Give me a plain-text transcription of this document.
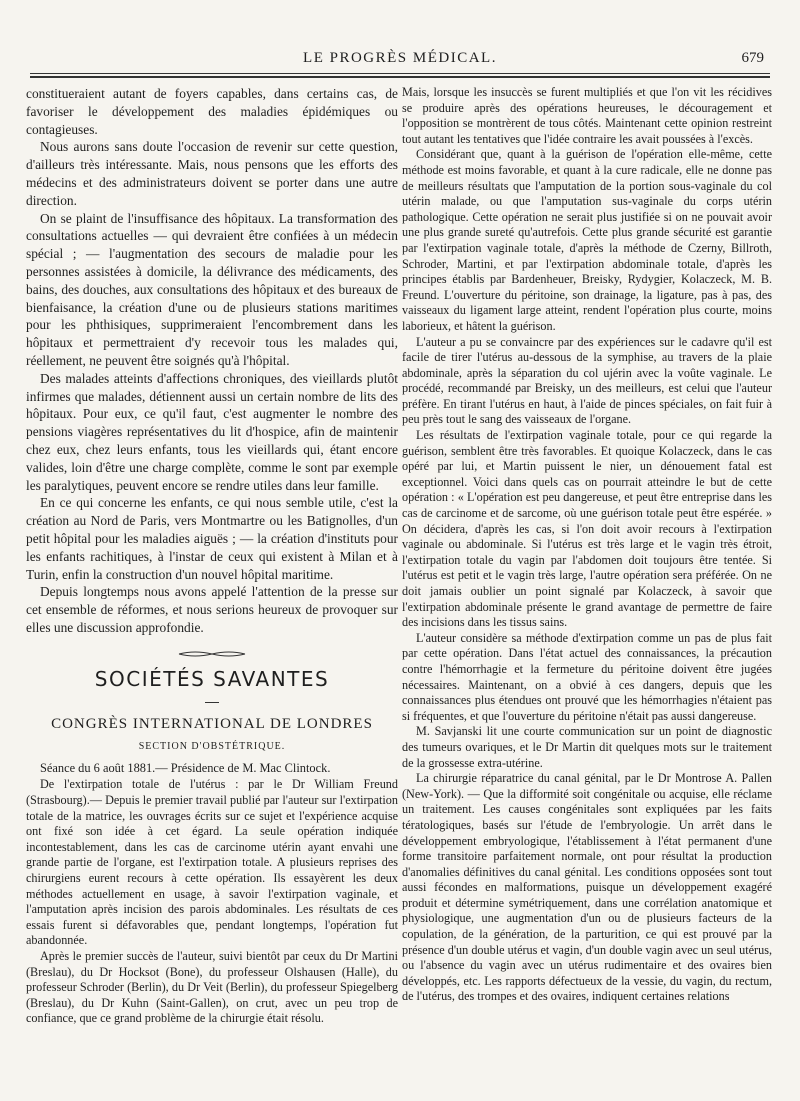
LE PROGRÈS MÉDICAL.	679

constitueraient autant de foyers capables, dans certains cas, de favoriser le développement des maladies épidémiques ou contagieuses.

Nous aurons sans doute l'occasion de revenir sur cette question, d'ailleurs très intéressante. Mais, nous pensons que les efforts des médecins et des administrateurs doivent se porter dans une autre direction.

On se plaint de l'insuffisance des hôpitaux. La transformation des consultations actuelles — qui devraient être confiées à un médecin spécial ; — l'augmentation des secours de maladie pour les personnes assistées à domicile, la délivrance des médicaments, des bains, des douches, aux consultations des hôpitaux et des bureaux de bienfaisance, la création d'une ou de plusieurs stations maritimes pour les phthisiques, supprimeraient l'encombrement dans les hôpitaux et permettraient d'y recevoir tous les malades qui, réellement, ne peuvent être soignés qu'à l'hôpital.

Des malades atteints d'affections chroniques, des vieillards plutôt infirmes que malades, détiennent aussi un certain nombre de lits des hôpitaux. Pour eux, ce qu'il faut, c'est augmenter le nombre des pensions viagères représentatives du lit d'hospice, afin de maintenir chez eux, chez leurs enfants, tous les vieillards qui, étant encore valides, loin d'être une charge complète, comme le sont par exemple les paralytiques, peuvent encore se rendre utiles dans leur famille.

En ce qui concerne les enfants, ce qui nous semble utile, c'est la création au Nord de Paris, vers Montmartre ou les Batignolles, d'un petit hôpital pour les maladies aiguës ; — la création d'instituts pour les enfants rachitiques, à l'instar de ceux qui existent à Milan et à Turin, enfin la construction d'un nouvel hôpital maritime.

Depuis longtemps nous avons appelé l'attention de la presse sur cet ensemble de réformes, et nous serions heureux de provoquer sur elles une discussion approfondie.

SOCIÉTÉS SAVANTES
CONGRÈS INTERNATIONAL DE LONDRES
SECTION D'OBSTÉTRIQUE.

Séance du 6 août 1881.— Présidence de M. Mac Clintock.

De l'extirpation totale de l'utérus : par le Dr William Freund (Strasbourg).— Depuis le premier travail publié par l'auteur sur l'extirpation totale de la matrice, les ouvrages écrits sur ce sujet et l'expérience acquise ont fixé son idée à cet égard. La seule opération indiquée incontestablement, dans les cas de carcinome utérin ayant envahi une grande partie de l'organe, est l'extirpation totale. A plusieurs reprises des chirurgiens eurent recours à cette opération. Ils essayèrent les deux méthodes actuellement en usage, à savoir l'extirpation vaginale, et l'amputation après incision des parois abdominales. Les résultats de ces essais furent si défavorables que, pendant longtemps, l'opération fut abandonnée.

Après le premier succès de l'auteur, suivi bientôt par ceux du Dr Martini (Breslau), du Dr Hocksot (Bone), du professeur Olshausen (Halle), du professeur Schroder (Berlin), du Dr Veit (Berlin), du professeur Spiegelberg (Breslau), du Dr Kuhn (Saint-Gallen), on crut, avec un peu trop de confiance, que ce grand problème de la chirurgie était résolu.

Mais, lorsque les insuccès se furent multipliés et que l'on vit les récidives se produire après des opérations heureuses, le découragement et l'opposition se montrèrent de tous côtés. Maintenant cette opinion restreint tout autant les tentatives que l'idée contraire les avait poussées à l'excès.

Considérant que, quant à la guérison de l'opération elle-même, cette méthode est moins favorable, et quant à la cure radicale, elle ne donne pas de meilleurs résultats que l'amputation de la portion sous-vaginale du col utérin malade, ou que l'amputation sus-vaginale du corps utérin pathologique. Cette opération ne serait plus justifiée si on ne pouvait avoir une plus grande sureté qu'autrefois. Cette plus grande sécurité est garantie par l'extirpation vaginale totale, d'après la méthode de Czerny, Billroth, Schroder, Martini, et par l'extirpation abdominale totale, d'après les principes établis par Bardenheuer, Breisky, Rydygier, Kolaczeck, M. B. Freund. L'ouverture du péritoine, son drainage, la ligature, pas à pas, des vaisseaux du ligament large atteint, rendent l'opération plus courte, moins laborieux, et hâtent la guérison.

L'auteur a pu se convaincre par des expériences sur le cadavre qu'il est facile de tirer l'utérus au-dessous de la symphise, au travers de la plaie abdominale, après la séparation du col ujérin avec la voûte vaginale. Le procédé, recommandé par Breisky, un des meilleurs, est celui que l'auteur préfère. En tirant l'utérus en haut, à l'aide de pinces spéciales, on fait fuir à peu près tout le sang des vaisseaux de l'organe.

Les résultats de l'extirpation vaginale totale, pour ce qui regarde la guérison, semblent être très favorables. Et quoique Kolaczeck, dans le cas opéré par lui, et Martin puissent le nier, un dénouement fatal est exceptionnel. Voici dans quels cas on pourrait atteindre le but de cette opération : « L'opération est peu dangereuse, et peut être entreprise dans les cas de carcinome et de sarcome, où une guérison totale peut être espérée. » On décidera, d'après les cas, si l'on doit avoir recours à l'extirpation vaginale ou abdominale. Si l'utérus est très large et le vagin très étroit, l'extirpation totale du vagin par l'abdomen doit toujours être tentée. Si l'utérus est petit et le vagin très large, l'autre opération sera préférée. On ne doit jamais oublier un point signalé par Kolaczeck, à savoir que l'extirpation abdominale présente le grand avantage de permettre de faire des incisions dans les tissus sains.

L'auteur considère sa méthode d'extirpation comme un pas de plus fait par cette opération. Dans l'état actuel des connaissances, la précaution contre l'hémorrhagie et la fermeture du péritoine doivent être jugées nécessaires. Maintenant, on a obvié à ces dangers, depuis que les connaissances plus étendues ont prouvé que les hémorrhagies n'étaient pas si fréquentes, et que l'ouverture du péritoine n'était pas aussi dangereuse.

M. Savjanski lit une courte communication sur un point de diagnostic des tumeurs ovariques, et le Dr Martin dit quelques mots sur le traitement de la grossesse extra-utérine.

La chirurgie réparatrice du canal génital, par le Dr Montrose A. Pallen (New-York). — Que la difformité soit congénitale ou acquise, elle réclame un traitement. Les causes congénitales sont expliquées par les faits tératologiques, basés sur l'étude de l'embryologie. Un arrêt dans le développement embryologique, l'établissement à l'état permanent d'une forme transitoire parfaitement normale, ont pour résultat la production d'anomalies définitives du canal génital. Les conditions opposées sont tout aussi fécondes en malformations, puisque un développement exagéré produit et détermine symétriquement, dans une corrélation anatomique et physiologique, une augmentation d'un ou de plusieurs facteurs de la copulation, de la génération, de la parturition, ce qui est prouvé par la présence d'un double utérus et vagin, d'un double vagin avec un seul utérus, ou l'absence du vagin avec un utérus rudimentaire et des ovaires bien développés, etc. Les rapports défectueux de la vessie, du vagin, du rectum, de l'utérus, des trompes et des ovaires, indiquent certaines relations
